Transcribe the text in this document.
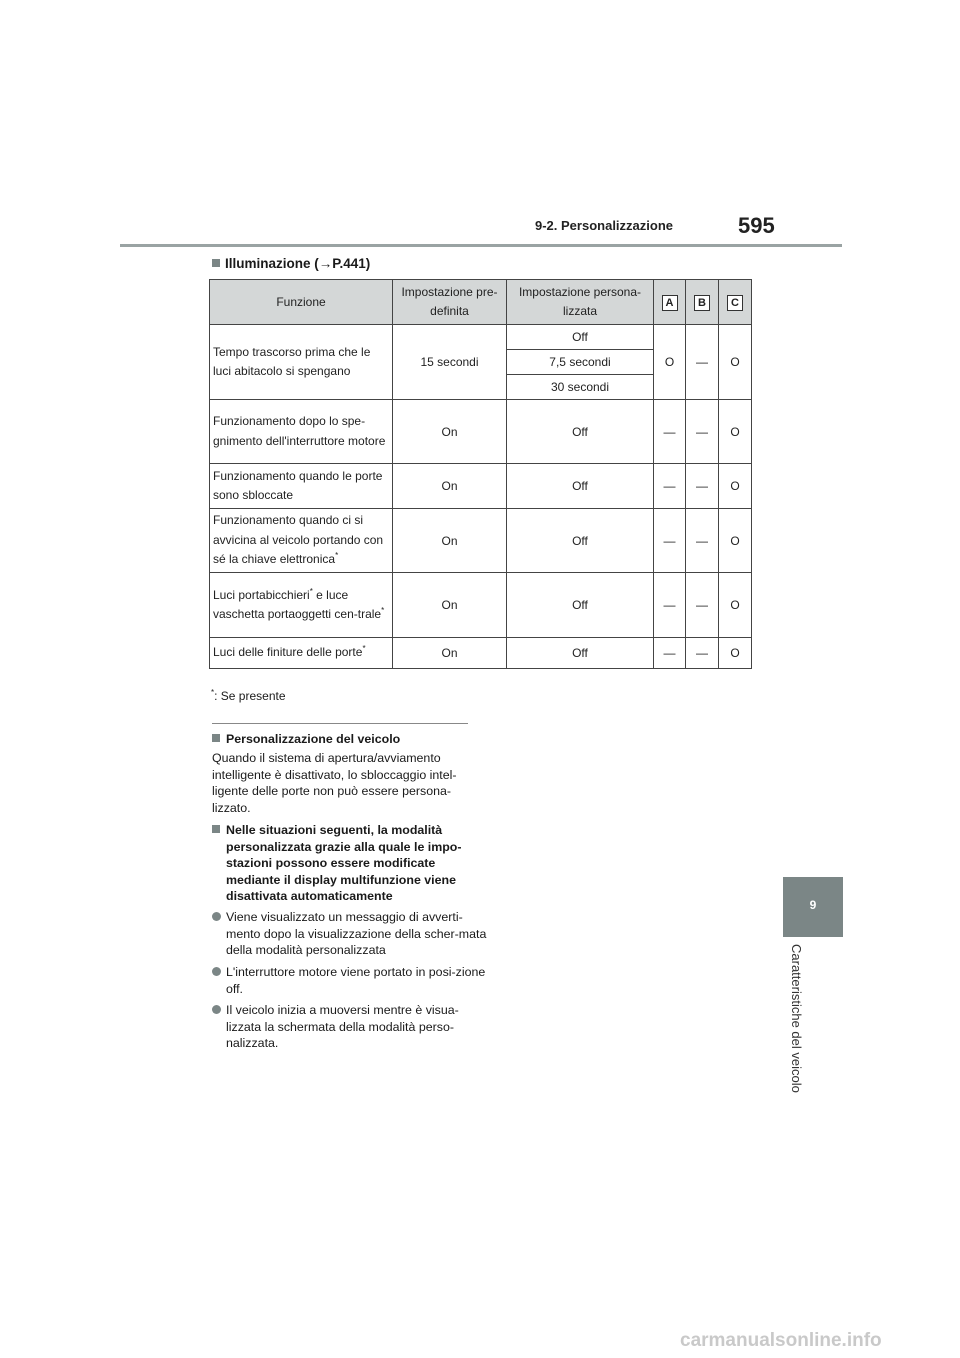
9-2. Personalizzazione	595
Illuminazione (→P.441)
Funzione	Impostazione pre-definita	Impostazione persona-lizzata	A	B	C
Tempo trascorso prima che le luci abitacolo si spengano	15 secondi	Off	O	—	O
		7,5 secondi			
		30 secondi			
Funzionamento dopo lo spe-gnimento dell'interruttore motore	On	Off	—	—	O
Funzionamento quando le porte sono sbloccate	On	Off	—	—	O
Funzionamento quando ci si avvicina al veicolo portando con sé la chiave elettronica*	On	Off	—	—	O
Luci portabicchieri* e luce vaschetta portaoggetti cen-trale*	On	Off	—	—	O
Luci delle finiture delle porte*	On	Off	—	—	O
*: Se presente
Personalizzazione del veicolo
Quando il sistema di apertura/avviamento intelligente è disattivato, lo sbloccaggio intel-ligente delle porte non può essere persona-lizzato.
Nelle situazioni seguenti, la modalità personalizzata grazie alla quale le impo-stazioni possono essere modificate mediante il display multifunzione viene disattivata automaticamente
Viene visualizzato un messaggio di avverti-mento dopo la visualizzazione della scher-mata della modalità personalizzata
L'interruttore motore viene portato in posi-zione off.
Il veicolo inizia a muoversi mentre è visua-lizzata la schermata della modalità perso-nalizzata.
9
Caratteristiche del veicolo
carmanualsonline.info
